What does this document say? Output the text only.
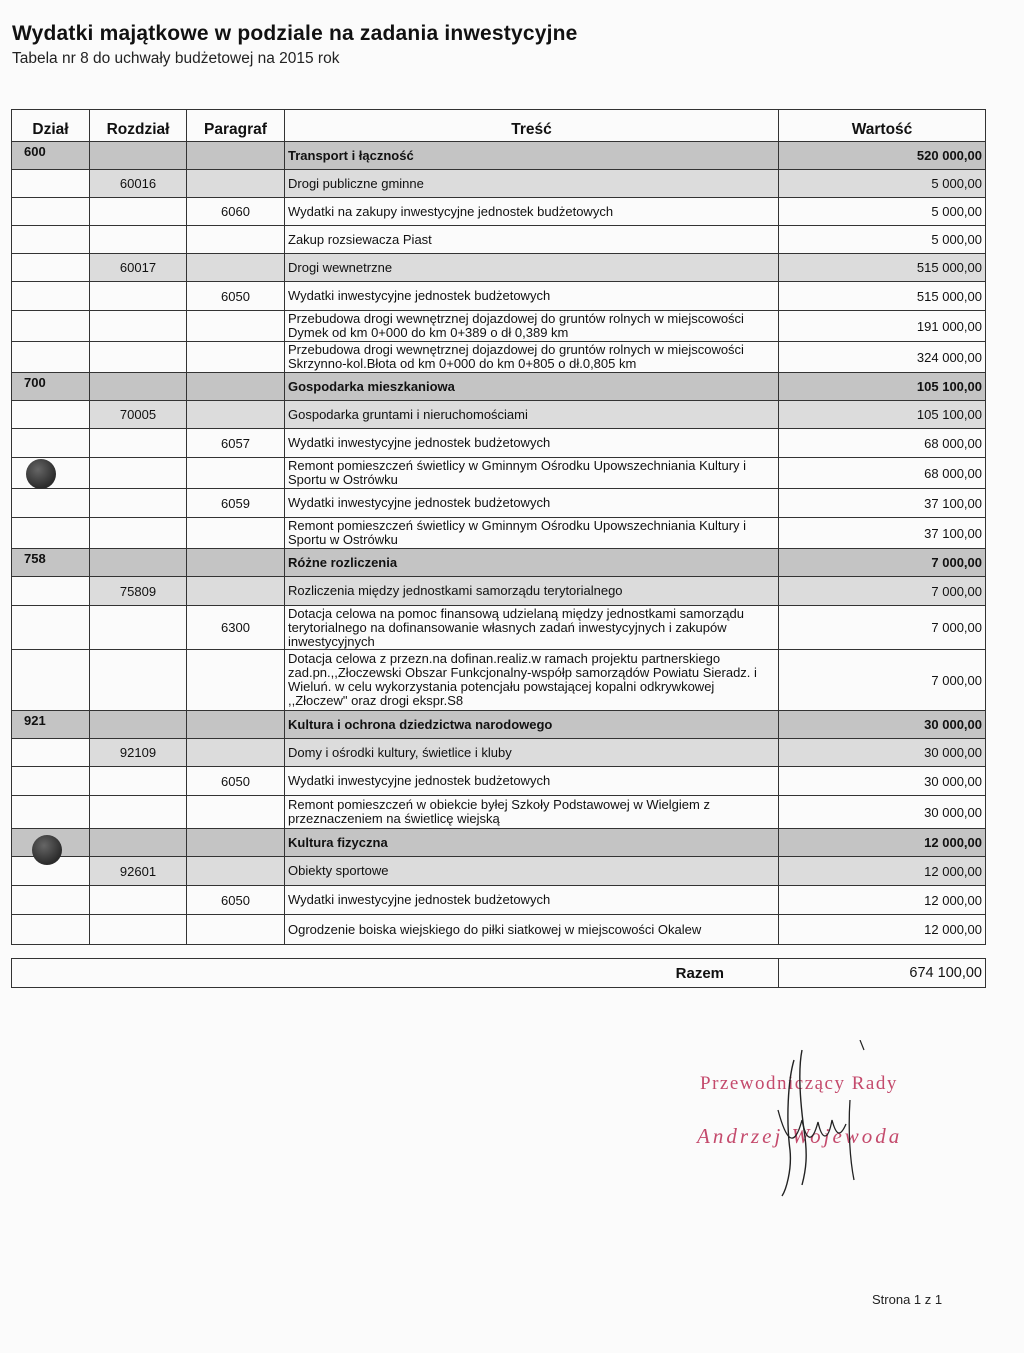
Wydatki majątkowe w podziale na zadania inwestycyjne
Tabela nr 8 do uchwały budżetowej na 2015 rok
Dział	Rozdział	Paragraf	Treść	Wartość
600			Transport i łączność	520 000,00
	60016		Drogi publiczne gminne	5 000,00
		6060	Wydatki na zakupy inwestycyjne jednostek budżetowych	5 000,00
			Zakup rozsiewacza Piast	5 000,00
	60017		Drogi wewnetrzne	515 000,00
		6050	Wydatki inwestycyjne jednostek budżetowych	515 000,00
			Przebudowa drogi wewnętrznej dojazdowej do gruntów rolnych w miejscowości Dymek od km 0+000 do km 0+389 o dł 0,389 km	191 000,00
			Przebudowa drogi wewnętrznej dojazdowej do gruntów rolnych w miejscowości Skrzynno-kol.Błota od km 0+000 do km 0+805 o dł.0,805 km	324 000,00
700			Gospodarka mieszkaniowa	105 100,00
	70005		Gospodarka gruntami i nieruchomościami	105 100,00
		6057	Wydatki inwestycyjne jednostek budżetowych	68 000,00
			Remont pomieszczeń świetlicy w Gminnym Ośrodku Upowszechniania Kultury i Sportu w Ostrówku	68 000,00
		6059	Wydatki inwestycyjne jednostek budżetowych	37 100,00
			Remont pomieszczeń świetlicy w Gminnym Ośrodku Upowszechniania Kultury i Sportu w Ostrówku	37 100,00
758			Różne rozliczenia	7 000,00
	75809		Rozliczenia między jednostkami samorządu terytorialnego	7 000,00
		6300	Dotacja celowa na pomoc finansową udzielaną między jednostkami samorządu terytorialnego na dofinansowanie własnych zadań inwestycyjnych i zakupów inwestycyjnych	7 000,00
			Dotacja celowa z przezn.na dofinan.realiz.w ramach projektu partnerskiego zad.pn.,,Złoczewski Obszar Funkcjonalny-współp samorządów Powiatu Sieradz. i Wieluń. w celu wykorzystania potencjału powstającej kopalni odkrywkowej ,,Złoczew" oraz drogi ekspr.S8	7 000,00
921			Kultura i ochrona dziedzictwa narodowego	30 000,00
	92109		Domy i ośrodki kultury, świetlice i kluby	30 000,00
		6050	Wydatki inwestycyjne jednostek budżetowych	30 000,00
			Remont pomieszczeń w obiekcie byłej Szkoły Podstawowej w Wielgiem z przeznaczeniem na świetlicę wiejską	30 000,00
			Kultura fizyczna	12 000,00
	92601		Obiekty sportowe	12 000,00
		6050	Wydatki inwestycyjne jednostek budżetowych	12 000,00
			Ogrodzenie boiska wiejskiego do piłki siatkowej w miejscowości Okalew	12 000,00
Razem	674 100,00
Przewodniczący Rady
Andrzej Wojewoda
Strona 1 z 1
